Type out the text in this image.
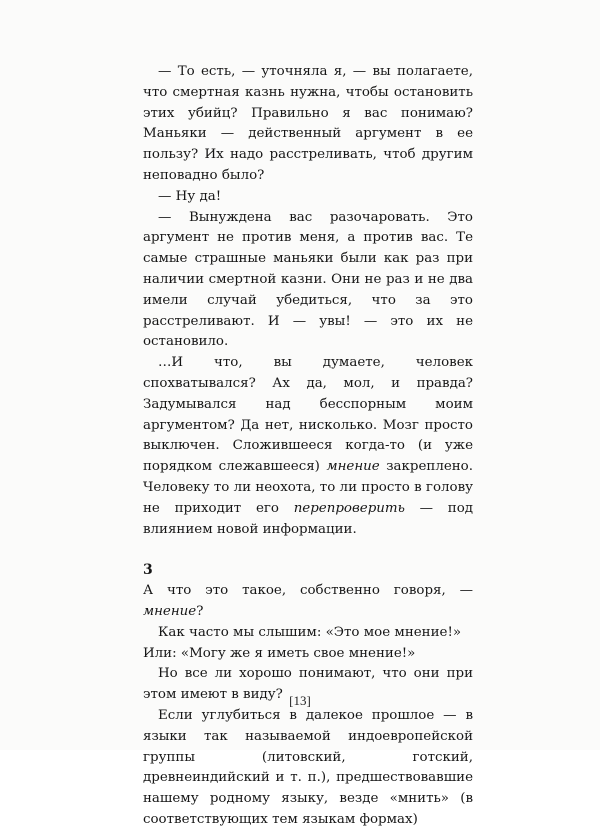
— То есть, — уточняла я, — вы полагаете, что смертная казнь нужна, чтобы остановить этих убийц? Правильно я вас понимаю? Маньяки — действенный аргумент в ее пользу? Их надо расстреливать, чтоб другим неповадно было?

— Ну да!

— Вынуждена вас разочаровать. Это аргумент не против меня, а против вас. Те самые страшные маньяки были как раз при наличии смертной казни. Они не раз и не два имели случай убедиться, что за это расстреливают. И — увы! — это их не остановило.

…И что, вы думаете, человек спохватывался? Ах да, мол, и правда? Задумывался над бесспорным моим аргументом? Да нет, нисколько. Мозг просто выключен. Сложившееся когда-то (и уже порядком слежавшееся) мнение закреплено. Человеку то ли неохота, то ли просто в голову не приходит его перепроверить — под влиянием новой информации.

3

А что это такое, собственно говоря, — мнение?

Как часто мы слышим: «Это мое мнение!»

Или: «Могу же я иметь свое мнение!»

Но все ли хорошо понимают, что они при этом имеют в виду?

Если углубиться в далекое прошлое — в языки так называемой индоевропейской группы (литовский, готский, древнеиндийский и т. п.), предшествовавшие нашему родному языку, везде «мнить» (в соответствующих тем языкам формах)

[13]
